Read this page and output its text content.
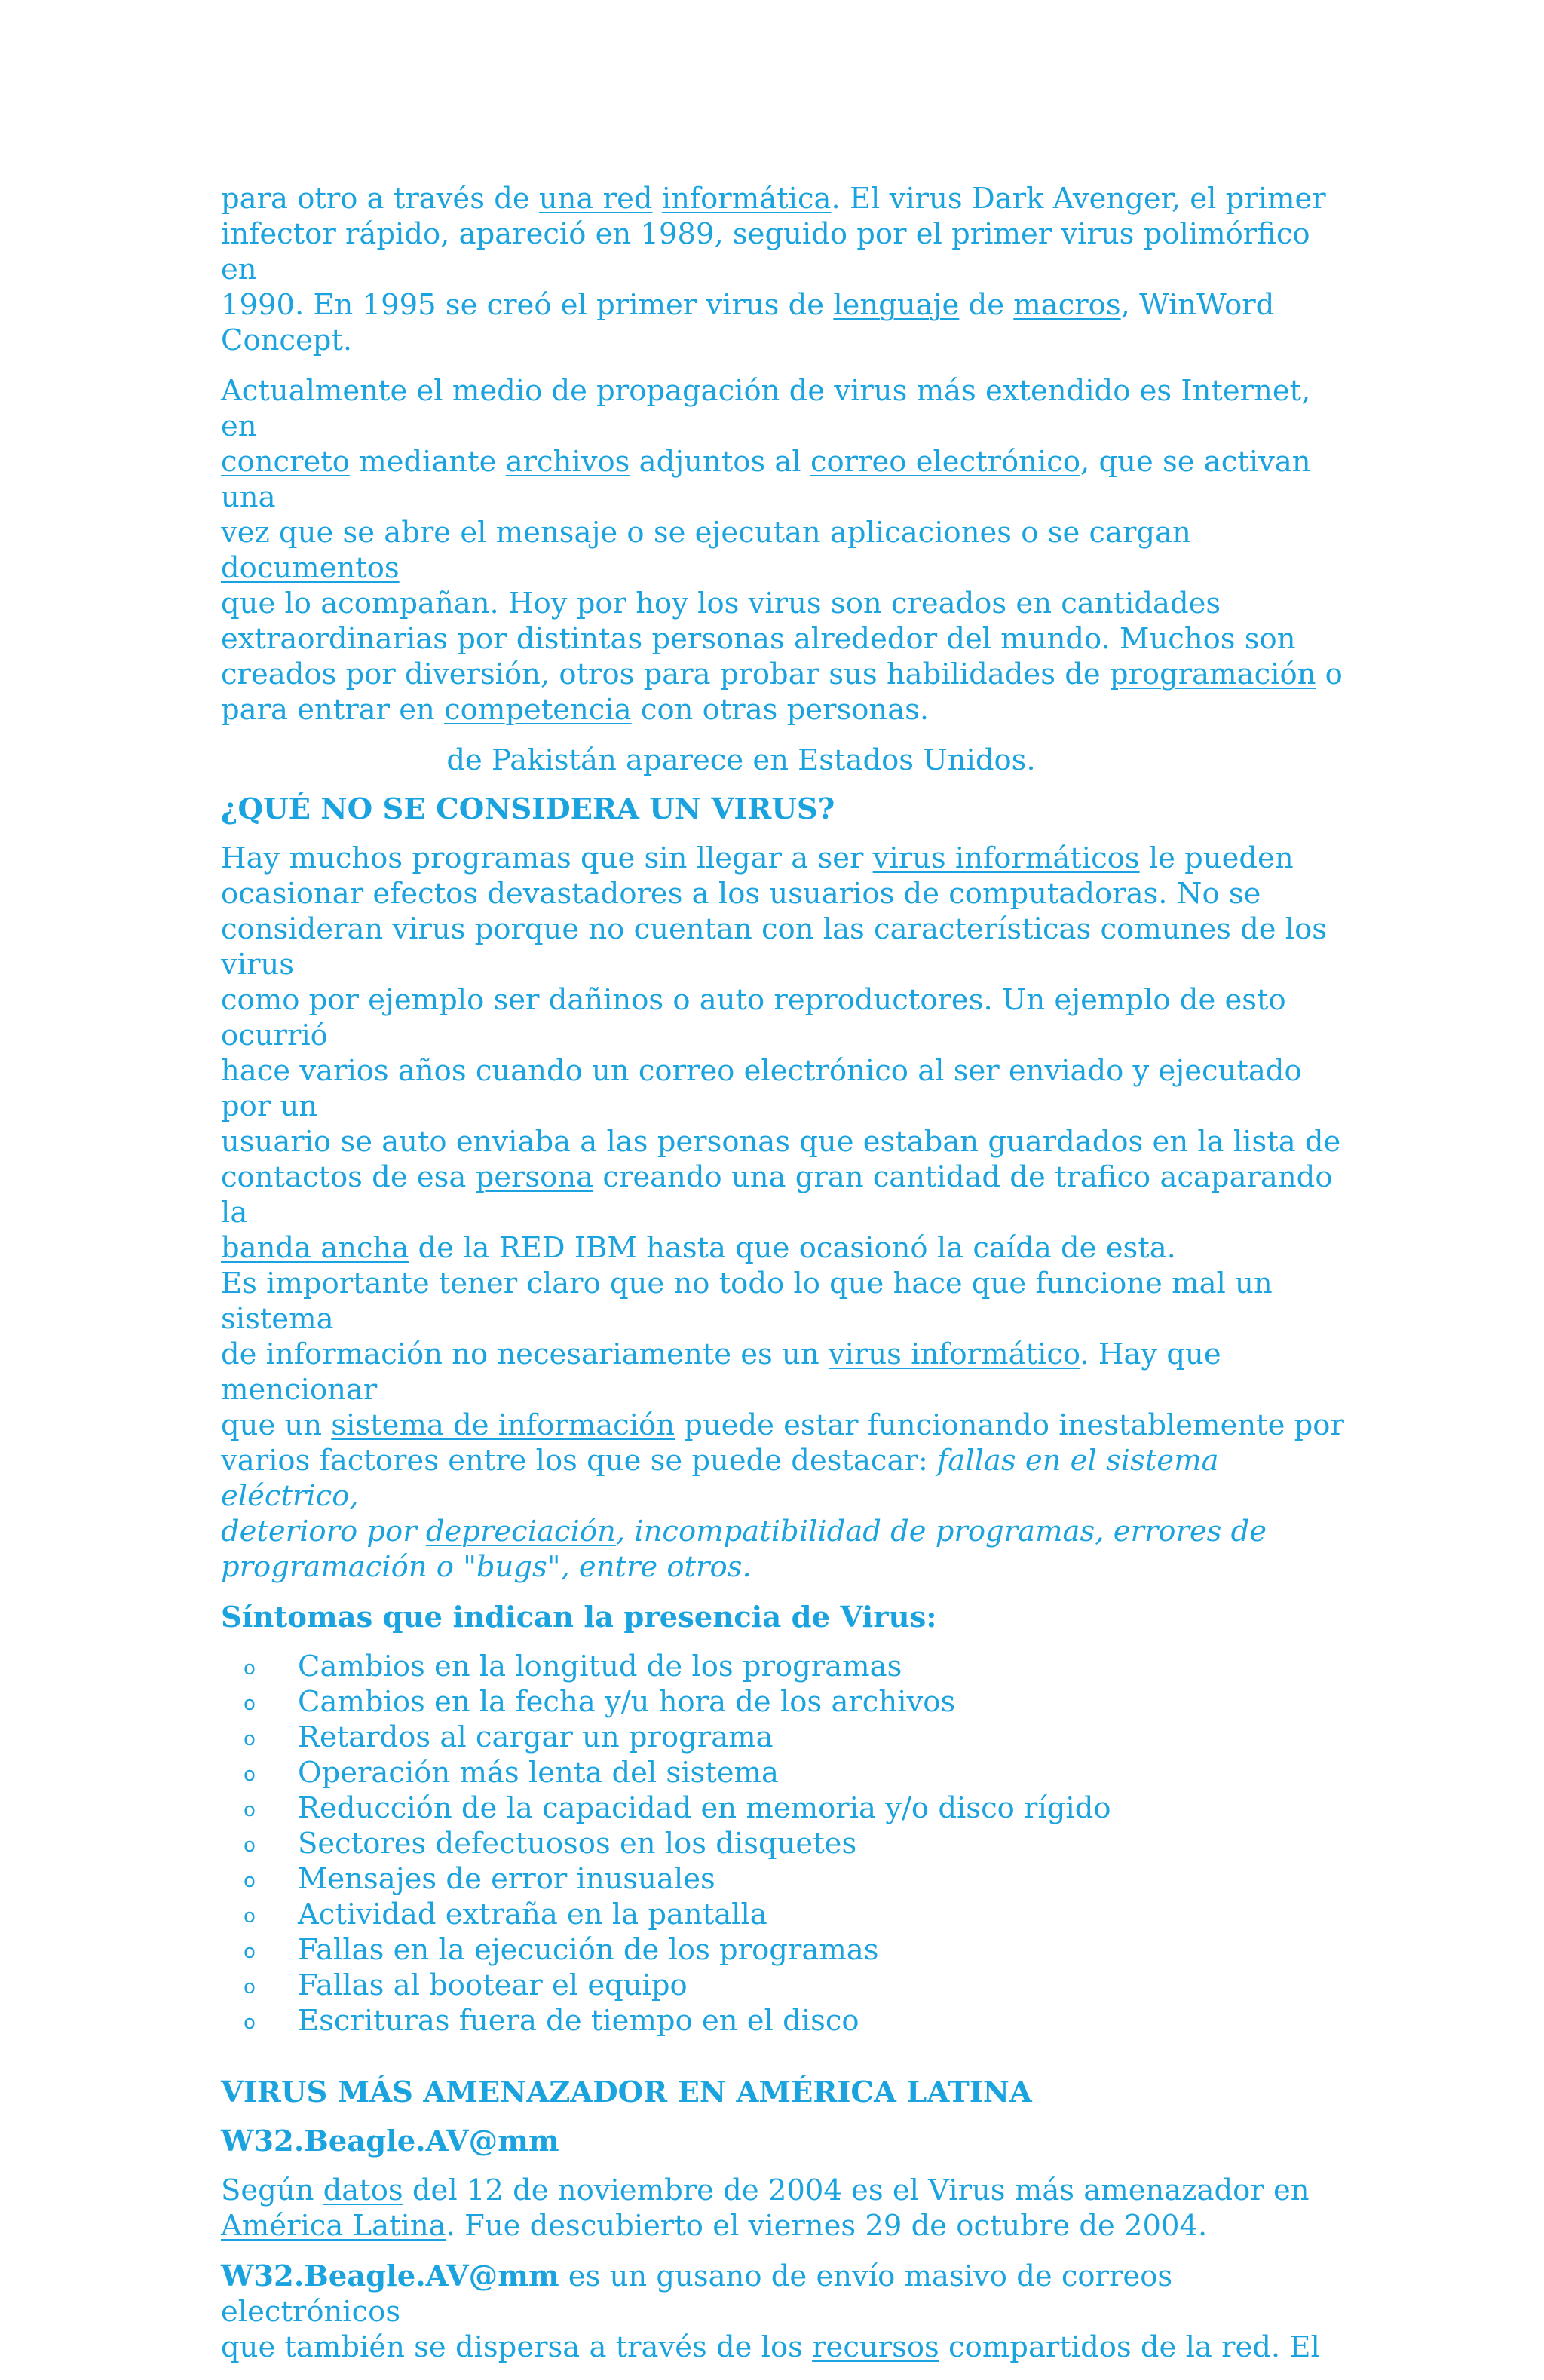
para otro a través de una red informática. El virus Dark Avenger, el primer

infector rápido, apareció en 1989, seguido por el primer virus polimórfico en

1990. En 1995 se creó el primer virus de lenguaje de macros, WinWord Concept.

Actualmente el medio de propagación de virus más extendido es Internet, en

concreto mediante archivos adjuntos al correo electrónico, que se activan una

vez que se abre el mensaje o se ejecutan aplicaciones o se cargan documentos

que lo acompañan. Hoy por hoy los virus son creados en cantidades

extraordinarias por distintas personas alrededor del mundo. Muchos son

creados por diversión, otros para probar sus habilidades de programación o

para entrar en competencia con otras personas.

de Pakistán aparece en Estados Unidos.

¿QUÉ NO SE CONSIDERA UN VIRUS?

Hay muchos programas que sin llegar a ser virus informáticos le pueden

ocasionar efectos devastadores a los usuarios de computadoras. No se

consideran virus porque no cuentan con las características comunes de los virus

como por ejemplo ser dañinos o auto reproductores. Un ejemplo de esto ocurrió

hace varios años cuando un correo electrónico al ser enviado y ejecutado por un

usuario se auto enviaba a las personas que estaban guardados en la lista de

contactos de esa persona creando una gran cantidad de trafico acaparando la

banda ancha de la RED IBM hasta que ocasionó la caída de esta.

Es importante tener claro que no todo lo que hace que funcione mal un sistema

de información no necesariamente es un virus informático. Hay que mencionar

que un sistema de información puede estar funcionando inestablemente por

varios factores entre los que se puede destacar: fallas en el sistema eléctrico,

deterioro por depreciación, incompatibilidad de programas, errores de

programación o "bugs", entre otros.

Síntomas que indican la presencia de Virus:

o Cambios en la longitud de los programas
o Cambios en la fecha y/u hora de los archivos
o Retardos al cargar un programa
o Operación más lenta del sistema
o Reducción de la capacidad en memoria y/o disco rígido
o Sectores defectuosos en los disquetes
o Mensajes de error inusuales
o Actividad extraña en la pantalla
o Fallas en la ejecución de los programas
o Fallas al bootear el equipo
o Escrituras fuera de tiempo en el disco

VIRUS MÁS AMENAZADOR EN AMÉRICA LATINA

W32.Beagle.AV@mm

Según datos del 12 de noviembre de 2004 es el Virus más amenazador en

América Latina. Fue descubierto el viernes 29 de octubre de 2004.

W32.Beagle.AV@mm es un gusano de envío masivo de correos electrónicos

que también se dispersa a través de los recursos compartidos de la red. El
